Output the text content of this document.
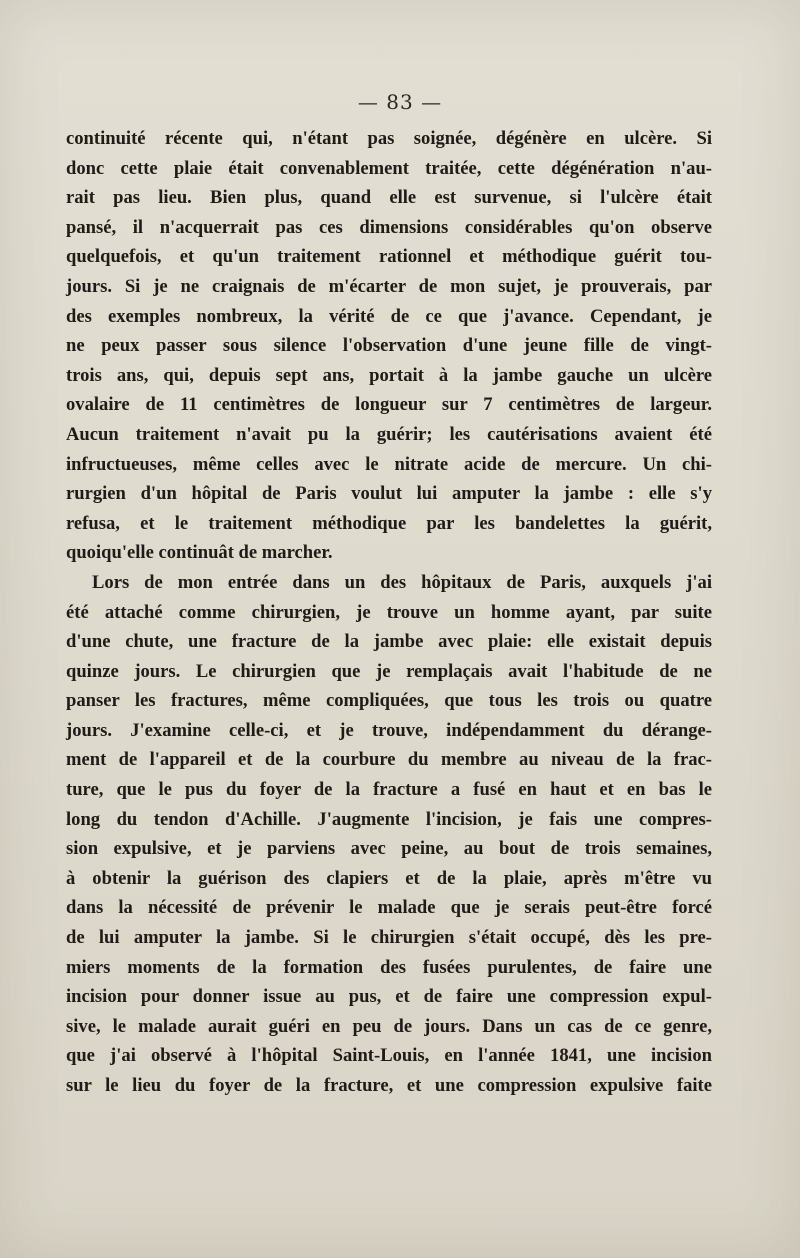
— 83 —
continuité récente qui, n'étant pas soignée, dégénère en ulcère. Si
donc cette plaie était convenablement traitée, cette dégénération n'au-
rait pas lieu. Bien plus, quand elle est survenue, si l'ulcère était
pansé, il n'acquerrait pas ces dimensions considérables qu'on observe
quelquefois, et qu'un traitement rationnel et méthodique guérit tou-
jours. Si je ne craignais de m'écarter de mon sujet, je prouverais, par
des exemples nombreux, la vérité de ce que j'avance. Cependant, je
ne peux passer sous silence l'observation d'une jeune fille de vingt-
trois ans, qui, depuis sept ans, portait à la jambe gauche un ulcère
ovalaire de 11 centimètres de longueur sur 7 centimètres de largeur.
Aucun traitement n'avait pu la guérir; les cautérisations avaient été
infructueuses, même celles avec le nitrate acide de mercure. Un chi-
rurgien d'un hôpital de Paris voulut lui amputer la jambe : elle s'y
refusa, et le traitement méthodique par les bandelettes la guérit,
quoiqu'elle continuât de marcher.
Lors de mon entrée dans un des hôpitaux de Paris, auxquels j'ai
été attaché comme chirurgien, je trouve un homme ayant, par suite
d'une chute, une fracture de la jambe avec plaie: elle existait depuis
quinze jours. Le chirurgien que je remplaçais avait l'habitude de ne
panser les fractures, même compliquées, que tous les trois ou quatre
jours. J'examine celle-ci, et je trouve, indépendamment du dérange-
ment de l'appareil et de la courbure du membre au niveau de la frac-
ture, que le pus du foyer de la fracture a fusé en haut et en bas le
long du tendon d'Achille. J'augmente l'incision, je fais une compres-
sion expulsive, et je parviens avec peine, au bout de trois semaines,
à obtenir la guérison des clapiers et de la plaie, après m'être vu
dans la nécessité de prévenir le malade que je serais peut-être forcé
de lui amputer la jambe. Si le chirurgien s'était occupé, dès les pre-
miers moments de la formation des fusées purulentes, de faire une
incision pour donner issue au pus, et de faire une compression expul-
sive, le malade aurait guéri en peu de jours. Dans un cas de ce genre,
que j'ai observé à l'hôpital Saint-Louis, en l'année 1841, une incision
sur le lieu du foyer de la fracture, et une compression expulsive faite
